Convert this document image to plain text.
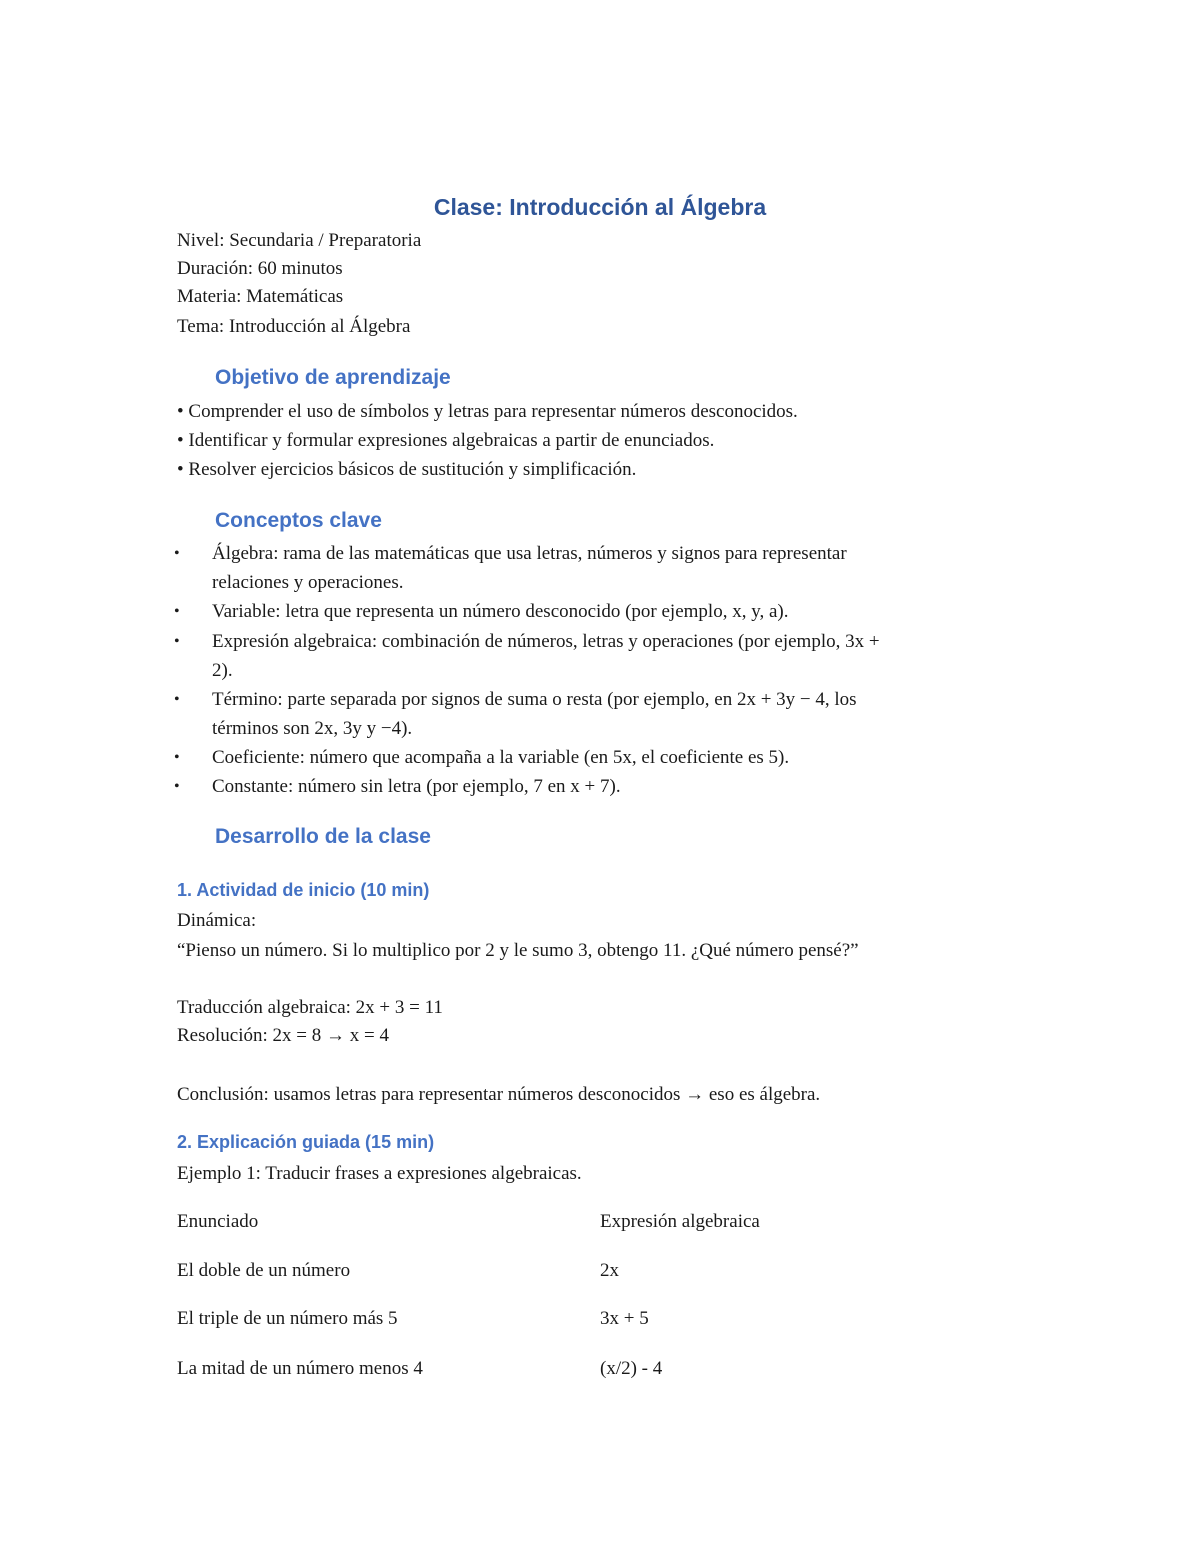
Clase: Introducción al Álgebra
Nivel: Secundaria / Preparatoria
Duración: 60 minutos
Materia: Matemáticas
Tema: Introducción al Álgebra
Objetivo de aprendizaje
• Comprender el uso de símbolos y letras para representar números desconocidos.
• Identificar y formular expresiones algebraicas a partir de enunciados.
• Resolver ejercicios básicos de sustitución y simplificación.
Conceptos clave
• Álgebra: rama de las matemáticas que usa letras, números y signos para representar
relaciones y operaciones.
• Variable: letra que representa un número desconocido (por ejemplo, x, y, a).
• Expresión algebraica: combinación de números, letras y operaciones (por ejemplo, 3x +
2).
• Término: parte separada por signos de suma o resta (por ejemplo, en 2x + 3y − 4, los
términos son 2x, 3y y −4).
• Coeficiente: número que acompaña a la variable (en 5x, el coeficiente es 5).
• Constante: número sin letra (por ejemplo, 7 en x + 7).
Desarrollo de la clase
1. Actividad de inicio (10 min)
Dinámica:
“Pienso un número. Si lo multiplico por 2 y le sumo 3, obtengo 11. ¿Qué número pensé?”
Traducción algebraica: 2x + 3 = 11
Resolución: 2x = 8 → x = 4
Conclusión: usamos letras para representar números desconocidos → eso es álgebra.
2. Explicación guiada (15 min)
Ejemplo 1: Traducir frases a expresiones algebraicas.
Enunciado	Expresión algebraica
El doble de un número	2x
El triple de un número más 5	3x + 5
La mitad de un número menos 4	(x/2) - 4
